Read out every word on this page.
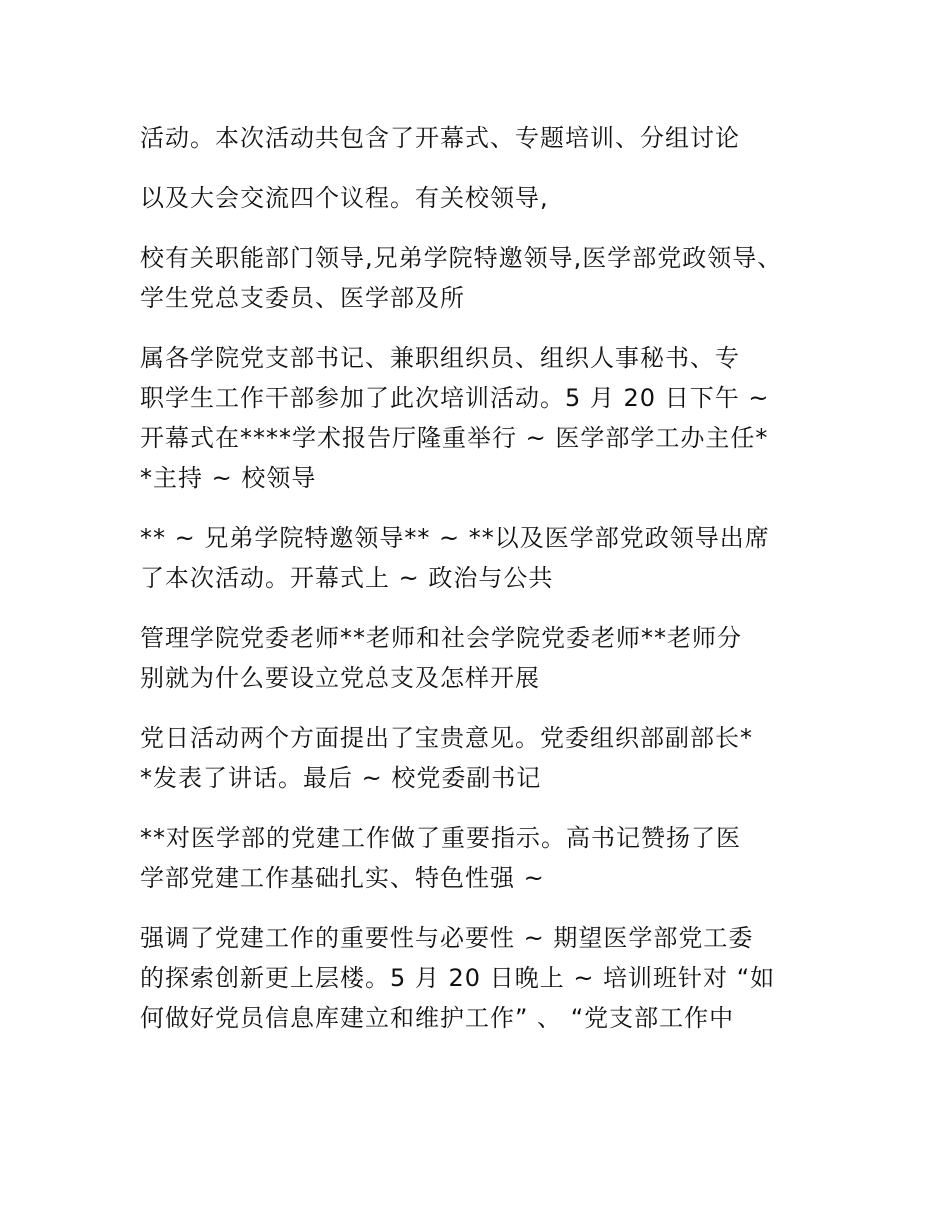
活动。本次活动共包含了开幕式、专题培训、分组讨论

以及大会交流四个议程。有关校领导,

校有关职能部门领导,兄弟学院特邀领导,医学部党政领导、
学生党总支委员、医学部及所

属各学院党支部书记、兼职组织员、组织人事秘书、专
职学生工作干部参加了此次培训活动。5 月 20 日下午 ~
开幕式在****学术报告厅隆重举行 ~ 医学部学工办主任*
*主持 ~ 校领导

** ~ 兄弟学院特邀领导** ~ **以及医学部党政领导出席
了本次活动。开幕式上 ~ 政治与公共

管理学院党委老师**老师和社会学院党委老师**老师分
别就为什么要设立党总支及怎样开展

党日活动两个方面提出了宝贵意见。党委组织部副部长*
*发表了讲话。最后 ~ 校党委副书记

**对医学部的党建工作做了重要指示。高书记赞扬了医
学部党建工作基础扎实、特色性强 ~

强调了党建工作的重要性与必要性 ~ 期望医学部党工委
的探索创新更上层楼。5 月 20 日晚上 ~ 培训班针对 “如
何做好党员信息库建立和维护工作” 、 “党支部工作中
